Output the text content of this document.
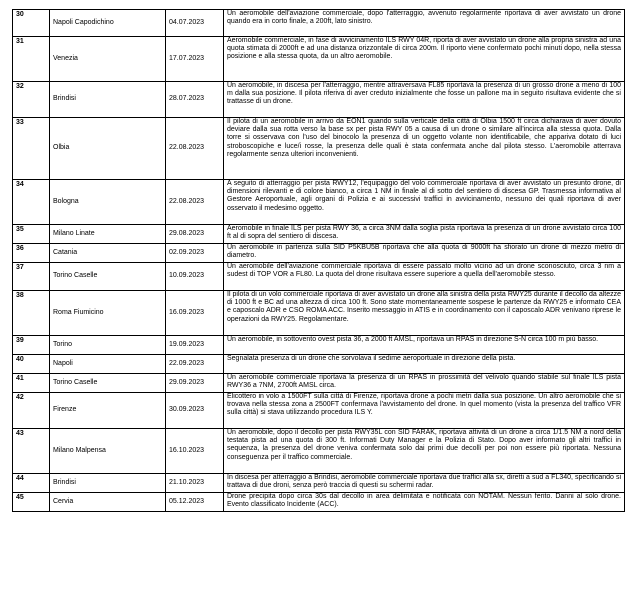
30	Napoli Capodichino	04.07.2023	Un aeromobile dell'aviazione commerciale, dopo l'atterraggio, avvenuto regolarmente riportava di aver avvistato un drone quando era in corto finale, a 200ft, lato sinistro.
31	Venezia	17.07.2023	Aeromobile commerciale, in fase di avvicinamento ILS RWY 04R, riporta di aver avvistato un drone alla propria sinistra ad una quota stimata di 2000ft e ad una distanza orizzontale di circa 200m. Il riporto viene confermato pochi minuti dopo, nella stessa posizione e alla stessa quota, da un altro aeromobile.
32	Brindisi	28.07.2023	Un aeromobile, in discesa per l'atterraggio, mentre attraversava FL85 riportava la presenza di un grosso drone a meno di 100 m dalla sua posizione. Il pilota riferiva di aver creduto inizialmente che fosse un pallone ma in seguito risultava evidente che si trattasse di un drone.
33	Olbia	22.08.2023	Il pilota di un aeromobile in arrivo da EON1 quando sulla verticale della città di Olbia 1500 ft circa dichiarava di aver dovuto deviare dalla sua rotta verso la base sx per pista RWY 05 a causa di un drone o similare all'incirca alla stessa quota. Dalla torre si osservava con l'uso del binocolo la presenza di un oggetto volante non identificabile, che appariva dotato di luci stroboscopiche e luce/i rosse, la presenza delle quali è stata confermata anche dal pilota stesso. L'aeromobile atterrava regolarmente senza ulteriori inconvenienti.
34	Bologna	22.08.2023	A seguito di atterraggio per pista RWY12, l'equipaggio del volo commerciale riportava di aver avvistato un presunto drone, di dimensioni rilevanti e di colore bianco, a circa 1 NM in finale al di sotto del sentiero di discesa GP. Trasmessa informativa al Gestore Aeroportuale, agli organi di Polizia e ai successivi traffici in avvicinamento, nessuno dei quali riportava di aver osservato il medesimo oggetto.
35	Milano Linate	29.08.2023	Aeromobile in finale ILS per pista RWY 36, a circa 3NM dalla soglia pista riportava la presenza di un drone avvistato circa 100 ft al di sopra del sentiero di discesa.
36	Catania	02.09.2023	Un aeromobile in partenza sulla SID P5KBU5B riportava che alla quota di 9000ft ha sfiorato un drone di mezzo metro di diametro.
37	Torino Caselle	10.09.2023	Un aeromobile dell'aviazione commerciale riportava di essere passato molto vicino ad un drone sconosciuto, circa 3 nm a sudest di TOP VOR a FL80. La quota del drone risultava essere superiore a quella dell'aeromobile stesso.
38	Roma Fiumicino	16.09.2023	Il pilota di un volo commerciale riportava di aver avvistato un drone alla sinistra della pista RWY25 durante il decollo da altezze di 1000 ft e BC ad una altezza di circa 100 ft. Sono state momentaneamente sospese le partenze da RWY25 e informato CEA e caposcalo ADR e CSO ROMA ACC. Inserito messaggio in ATIS e in coordinamento con il caposcalo ADR venivano riprese le operazioni da RWY25. Regolamentare.
39	Torino	19.09.2023	Un aeromobile, in sottovento ovest pista 36, a 2000 ft AMSL, riportava un RPAS in direzione S-N circa 100 m più basso.
40	Napoli	22.09.2023	Segnalata presenza di un drone che sorvolava il sedime aeroportuale in direzione della pista.
41	Torino Caselle	29.09.2023	Un aeromobile commerciale riportava la presenza di un RPAS in prossimità del velivolo quando stabile sul finale ILS pista RWY36 a 7NM, 2700ft AMSL circa.
42	Firenze	30.09.2023	Elicottero in volo a 1500FT sulla città di Firenze, riportava drone a pochi metri dalla sua posizione. Un altro aeromobile che si trovava nella stessa zona a 2500FT confermava l'avvistamento del drone. In quel momento (vista la presenza del traffico VFR sulla città) si stava utilizzando procedura ILS Y.
43	Milano Malpensa	16.10.2023	Un aeromobile, dopo il decollo per pista RWY35L con SID FARAK, riportava attività di un drone a circa 1/1.5 NM a nord della testata pista ad una quota di 300 ft. Informati Duty Manager e la Polizia di Stato. Dopo aver informato gli altri traffici in sequenza, la presenza del drone veniva confermata solo dai primi due decolli per poi non essere più riportata. Nessuna conseguenza per il traffico commerciale.
44	Brindisi	21.10.2023	In discesa per atterraggio a Brindisi, aeromobile commerciale riportava due traffici alla sx, diretti a sud a FL340, specificando si trattava di due droni, senza però traccia di questi su schermi radar.
45	Cervia	05.12.2023	Drone precipita dopo circa 30s dal decollo in area delimitata e notificata con NOTAM. Nessun ferito. Danni al solo drone. Evento classificato Incidente (ACC).
